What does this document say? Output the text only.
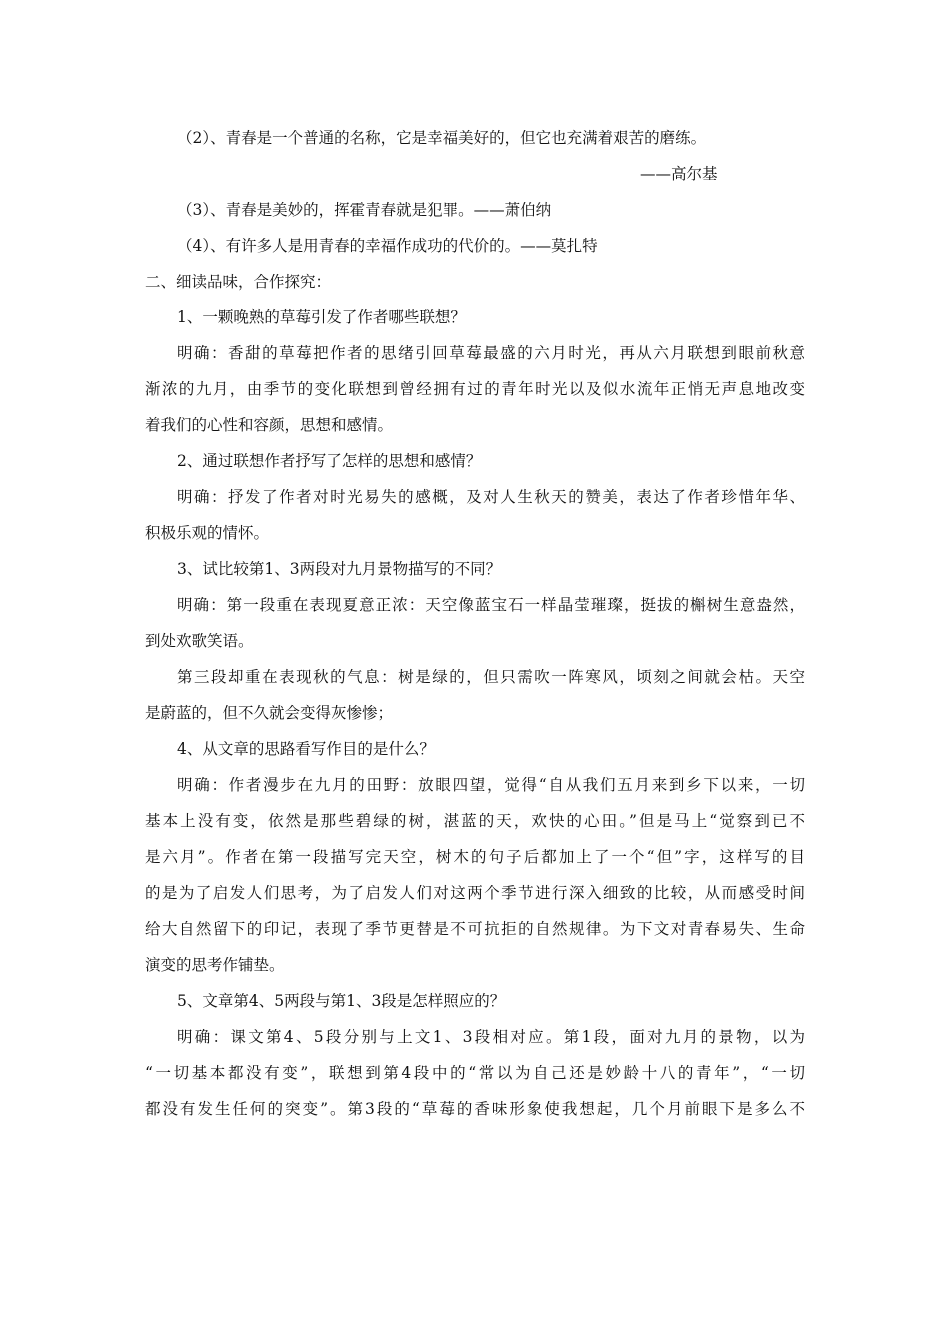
（2）、青春是一个普通的名称，它是幸福美好的，但它也充满着艰苦的磨练。
——高尔基
（3）、青春是美妙的，挥霍青春就是犯罪。——萧伯纳
（4）、有许多人是用青春的幸福作成功的代价的。——莫扎特
二、细读品味，合作探究：
1、一颗晚熟的草莓引发了作者哪些联想？
明确：香甜的草莓把作者的思绪引回草莓最盛的六月时光，再从六月联想到眼前秋意
渐浓的九月，由季节的变化联想到曾经拥有过的青年时光以及似水流年正悄无声息地改变
着我们的心性和容颜，思想和感情。
2、通过联想作者抒写了怎样的思想和感情？
明确：抒发了作者对时光易失的感概，及对人生秋天的赞美，表达了作者珍惜年华、
积极乐观的情怀。
3、试比较第1、3两段对九月景物描写的不同？
明确：第一段重在表现夏意正浓：天空像蓝宝石一样晶莹璀璨，挺拔的槲树生意盎然，
到处欢歌笑语。
第三段却重在表现秋的气息：树是绿的，但只需吹一阵寒风，顷刻之间就会枯。天空
是蔚蓝的，但不久就会变得灰惨惨；
4、从文章的思路看写作目的是什么？
明确：作者漫步在九月的田野：放眼四望，觉得“自从我们五月来到乡下以来，一切
基本上没有变，依然是那些碧绿的树，湛蓝的天，欢快的心田。”但是马上“觉察到已不
是六月”。作者在第一段描写完天空，树木的句子后都加上了一个“但”字，这样写的目
的是为了启发人们思考，为了启发人们对这两个季节进行深入细致的比较，从而感受时间
给大自然留下的印记，表现了季节更替是不可抗拒的自然规律。为下文对青春易失、生命
演变的思考作铺垫。
5、文章第4、5两段与第1、3段是怎样照应的？
明确：课文第4、5段分别与上文1、3段相对应。第1段，面对九月的景物，以为
“一切基本都没有变”，联想到第4段中的“常以为自己还是妙龄十八的青年”，“一切
都没有发生任何的突变”。第3段的“草莓的香味形象使我想起，几个月前眼下是多么不
